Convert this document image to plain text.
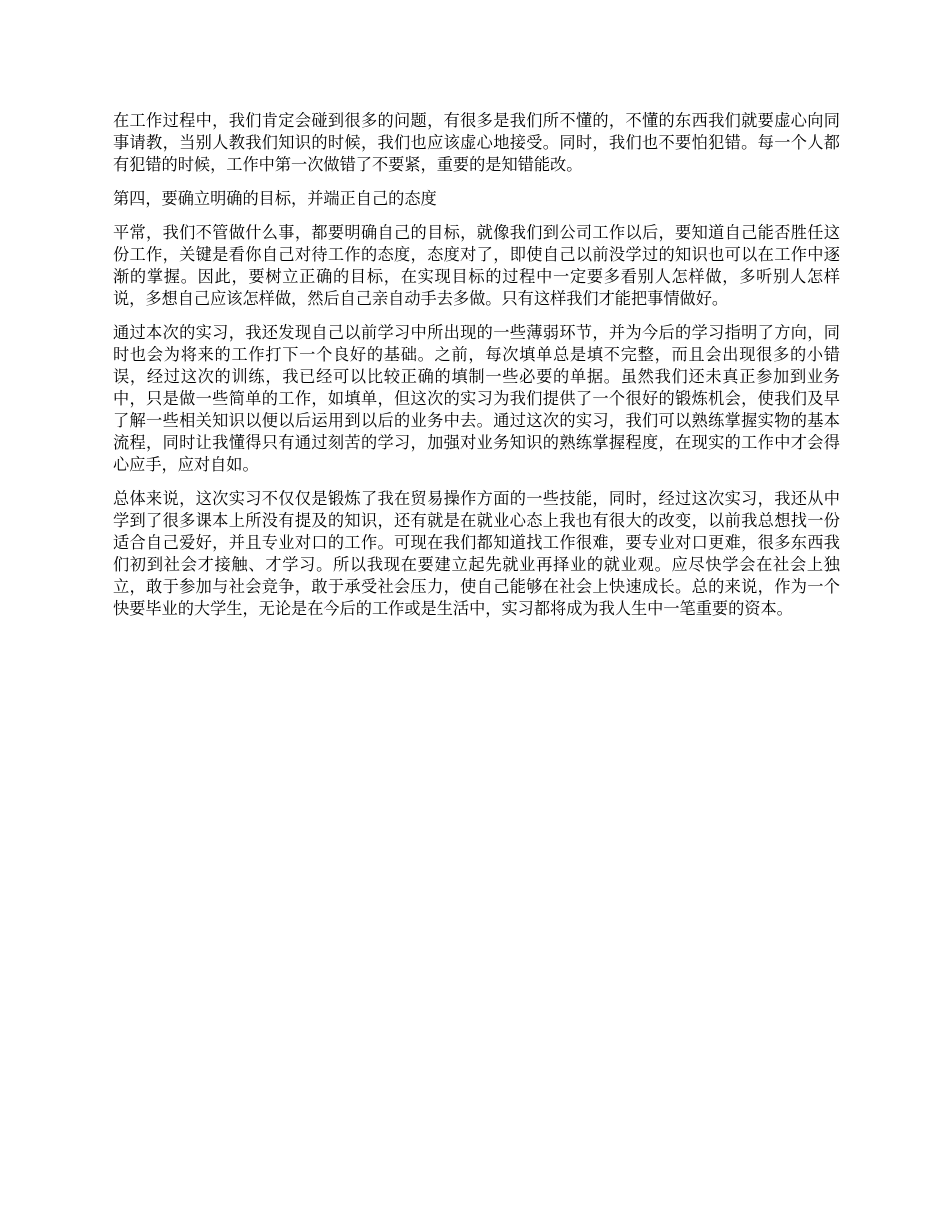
在工作过程中，我们肯定会碰到很多的问题，有很多是我们所不懂的，不懂的东西我们就要虚心向同事请教，当别人教我们知识的时候，我们也应该虚心地接受。同时，我们也不要怕犯错。每一个人都有犯错的时候，工作中第一次做错了不要紧，重要的是知错能改。

第四，要确立明确的目标，并端正自己的态度

平常，我们不管做什么事，都要明确自己的目标，就像我们到公司工作以后，要知道自己能否胜任这份工作，关键是看你自己对待工作的态度，态度对了，即使自己以前没学过的知识也可以在工作中逐渐的掌握。因此，要树立正确的目标，在实现目标的过程中一定要多看别人怎样做，多听别人怎样说，多想自己应该怎样做，然后自己亲自动手去多做。只有这样我们才能把事情做好。

通过本次的实习，我还发现自己以前学习中所出现的一些薄弱环节，并为今后的学习指明了方向，同时也会为将来的工作打下一个良好的基础。之前，每次填单总是填不完整，而且会出现很多的小错误，经过这次的训练，我已经可以比较正确的填制一些必要的单据。虽然我们还未真正参加到业务中，只是做一些简单的工作，如填单，但这次的实习为我们提供了一个很好的锻炼机会，使我们及早了解一些相关知识以便以后运用到以后的业务中去。通过这次的实习，我们可以熟练掌握实物的基本流程，同时让我懂得只有通过刻苦的学习，加强对业务知识的熟练掌握程度，在现实的工作中才会得心应手，应对自如。

总体来说，这次实习不仅仅是锻炼了我在贸易操作方面的一些技能，同时，经过这次实习，我还从中学到了很多课本上所没有提及的知识，还有就是在就业心态上我也有很大的改变，以前我总想找一份适合自己爱好，并且专业对口的工作。可现在我们都知道找工作很难，要专业对口更难，很多东西我们初到社会才接触、才学习。所以我现在要建立起先就业再择业的就业观。应尽快学会在社会上独立，敢于参加与社会竞争，敢于承受社会压力，使自己能够在社会上快速成长。总的来说，作为一个快要毕业的大学生，无论是在今后的工作或是生活中，实习都将成为我人生中一笔重要的资本。
